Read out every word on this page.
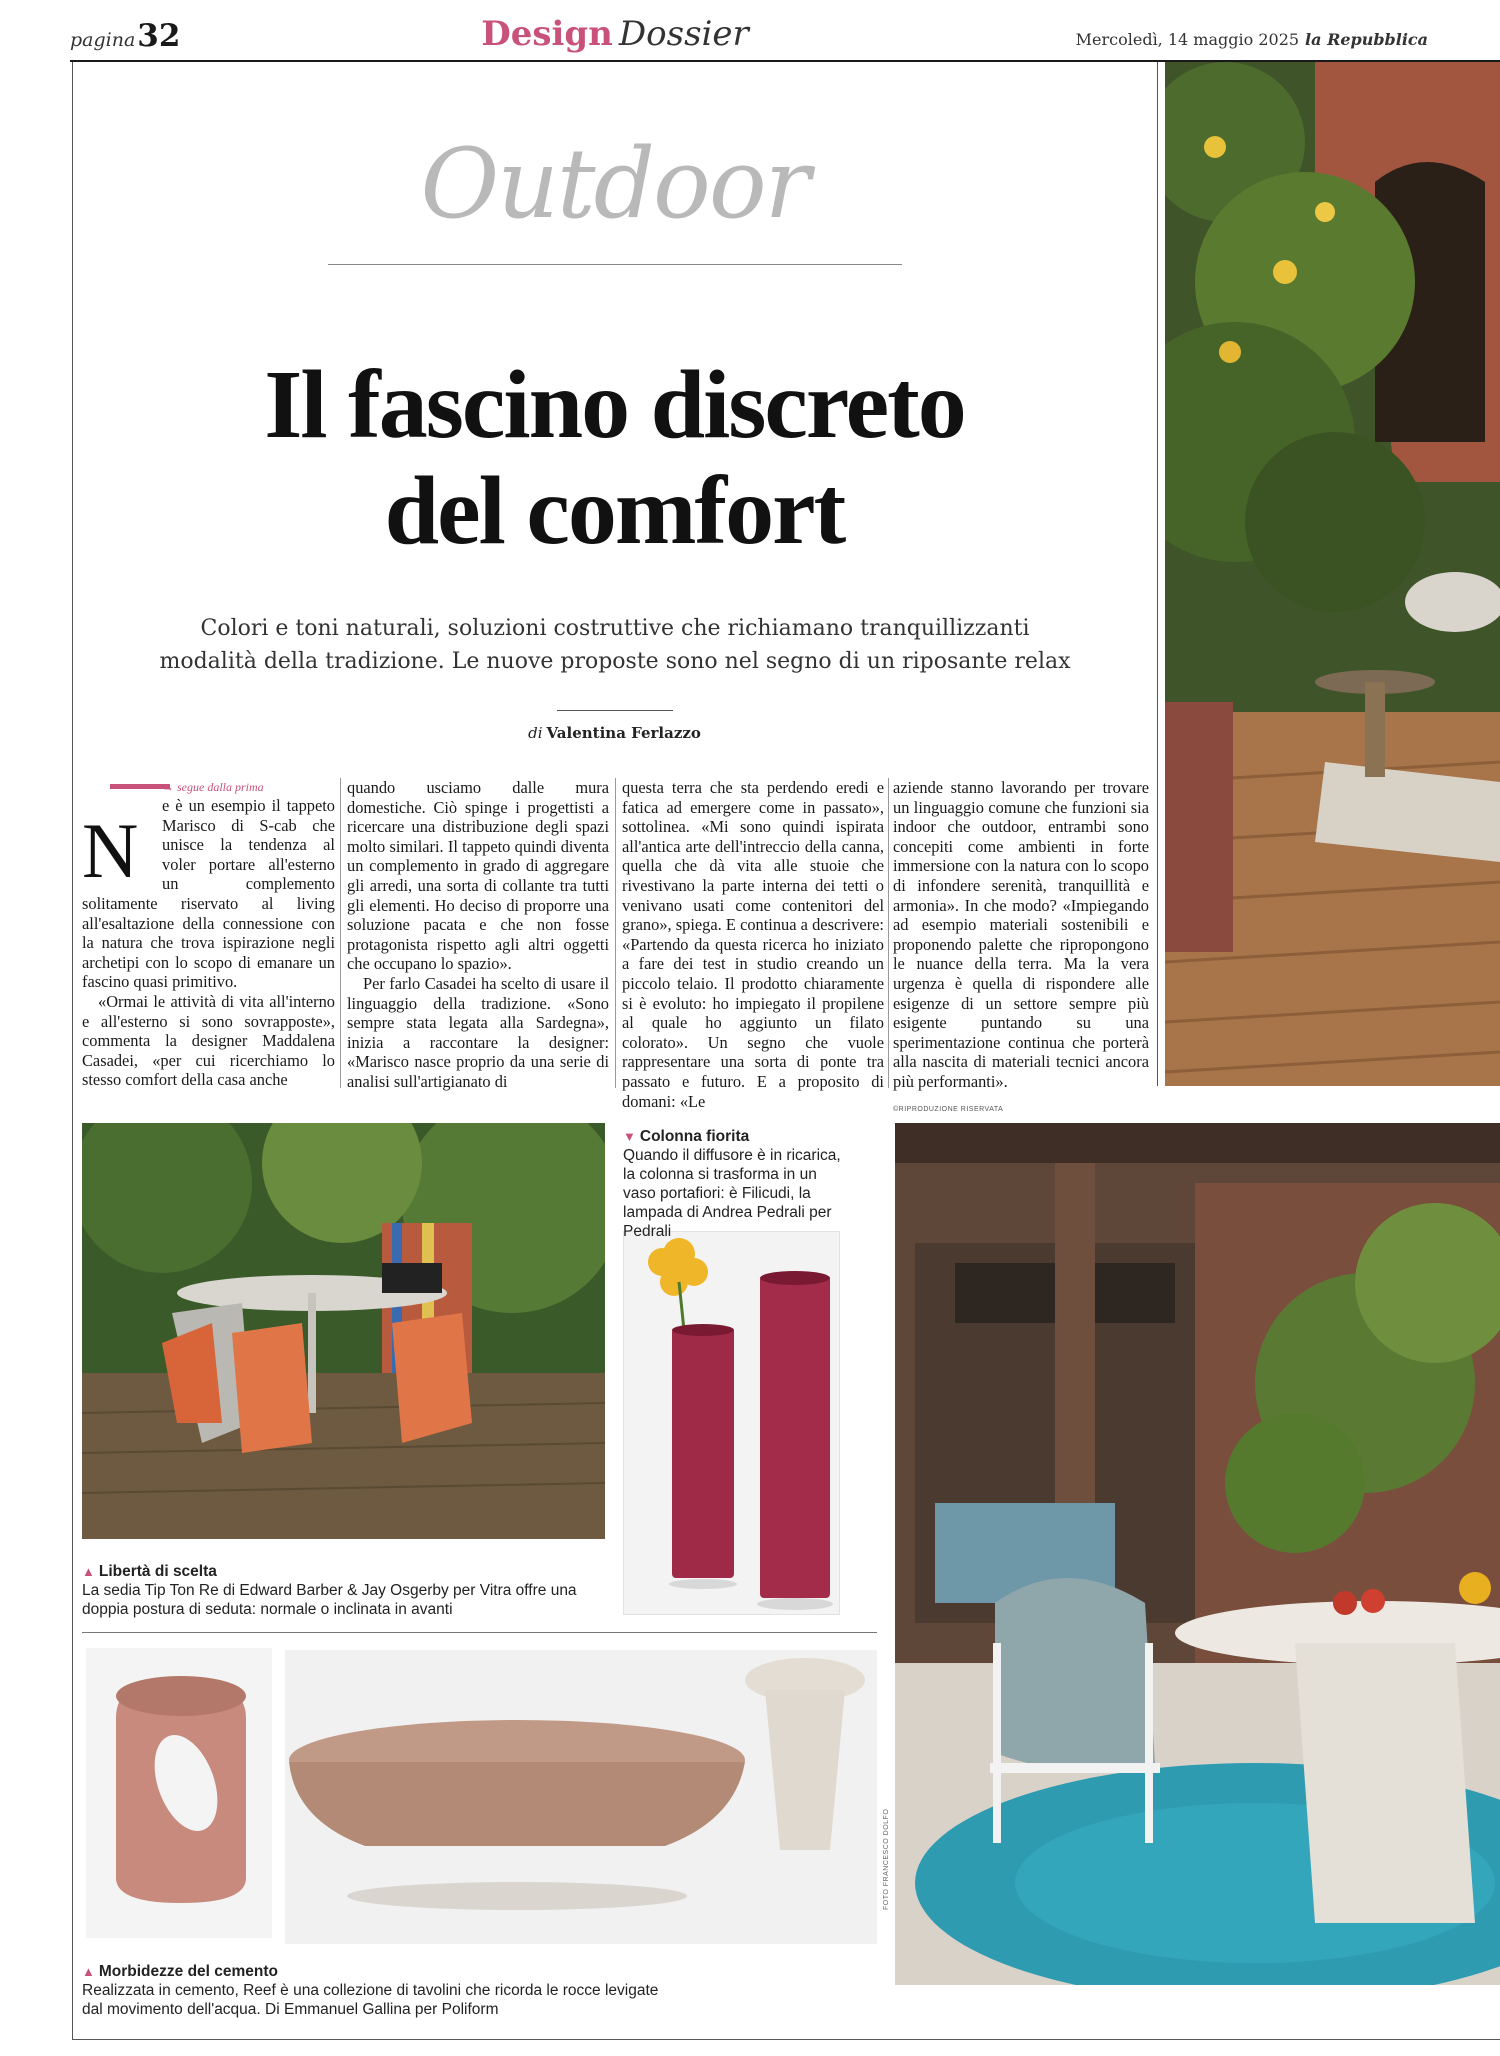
pagina32	Design Dossier	Mercoledì, 14 maggio 2025 la Repubblica
Outdoor
Il fascino discreto
del comfort
Colori e toni naturali, soluzioni costruttive che richiamano tranquillizzanti
modalità della tradizione. Le nuove proposte sono nel segno di un riposante relax
di Valentina Ferlazzo
N
→ segue dalla prima

e è un esempio il tappeto Marisco di S-cab che unisce la tendenza al voler portare all'esterno un complemento solitamente riservato al living all'esaltazione della connessione con la natura che trova ispirazione negli archetipi con lo scopo di emanare un fascino quasi primitivo.

«Ormai le attività di vita all'interno e all'esterno si sono sovrapposte», commenta la designer Maddalena Casadei, «per cui ricerchiamo lo stesso comfort della casa anche

quando usciamo dalle mura domestiche. Ciò spinge i progettisti a ricercare una distribuzione degli spazi molto similari. Il tappeto quindi diventa un complemento in grado di aggregare gli arredi, una sorta di collante tra tutti gli elementi. Ho deciso di proporre una soluzione pacata e che non fosse protagonista rispetto agli altri oggetti che occupano lo spazio».

Per farlo Casadei ha scelto di usare il linguaggio della tradizione. «Sono sempre stata legata alla Sardegna», inizia a raccontare la designer: «Marisco nasce proprio da una serie di analisi sull'artigianato di

questa terra che sta perdendo eredi e fatica ad emergere come in passato», sottolinea. «Mi sono quindi ispirata all'antica arte dell'intreccio della canna, quella che dà vita alle stuoie che rivestivano la parte interna dei tetti o venivano usati come contenitori del grano», spiega. E continua a descrivere: «Partendo da questa ricerca ho iniziato a fare dei test in studio creando un piccolo telaio. Il prodotto chiaramente si è evoluto: ho impiegato il propilene al quale ho aggiunto un filato colorato». Un segno che vuole rappresentare una sorta di ponte tra passato e futuro. E a proposito di domani: «Le

aziende stanno lavorando per trovare un linguaggio comune che funzioni sia indoor che outdoor, entrambi sono concepiti come ambienti in forte immersione con la natura con lo scopo di infondere serenità, tranquillità e armonia». In che modo? «Impiegando ad esempio materiali sostenibili e proponendo palette che ripropongono le nuance della terra. Ma la vera urgenza è quella di rispondere alle esigenze di un settore sempre più esigente puntando su una sperimentazione continua che porterà alla nascita di materiali tecnici ancora più performanti».

©RIPRODUZIONE RISERVATA
▼ Colonna fiorita
Quando il diffusore è in ricarica, la colonna si trasforma in un vaso portafiori: è Filicudi, la lampada di Andrea Pedrali per Pedrali
▲ Libertà di scelta
La sedia Tip Ton Re di Edward Barber & Jay Osgerby per Vitra offre una doppia postura di seduta: normale o inclinata in avanti
▲ Morbidezze del cemento
Realizzata in cemento, Reef è una collezione di tavolini che ricorda le rocce levigate dal movimento dell'acqua. Di Emmanuel Gallina per Poliform
FOTO FRANCESCO DOLFO
